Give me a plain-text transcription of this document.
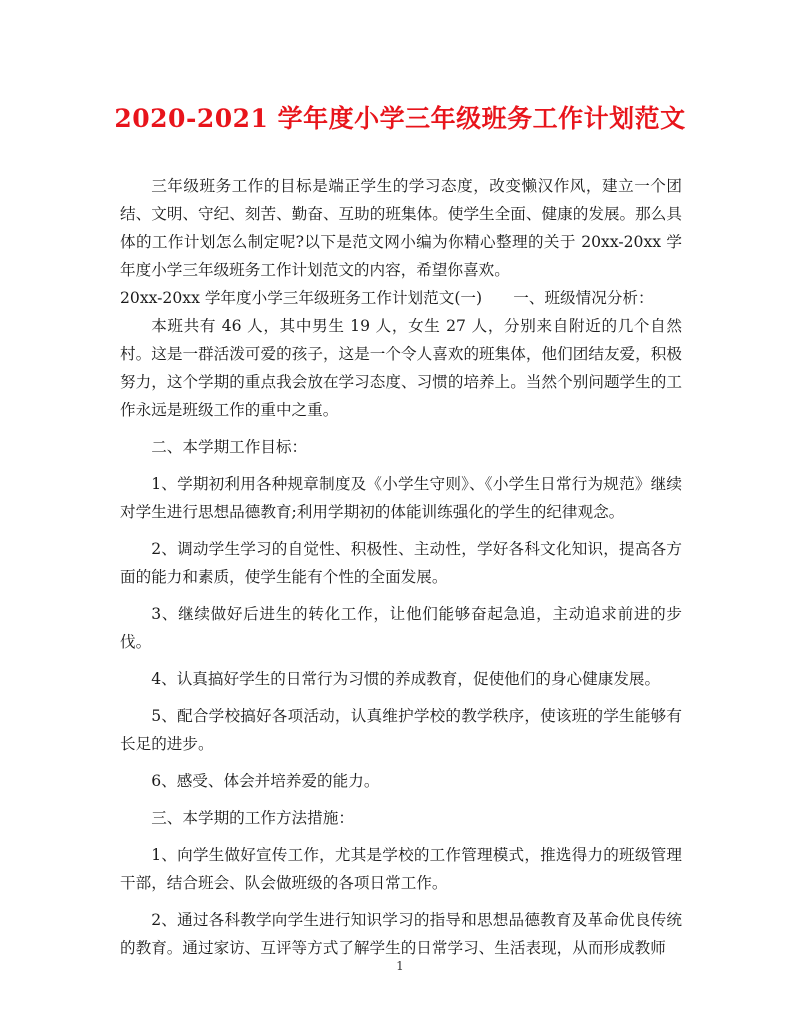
2020-2021 学年度小学三年级班务工作计划范文

三年级班务工作的目标是端正学生的学习态度，改变懒汉作风，建立一个团结、文明、守纪、刻苦、勤奋、互助的班集体。使学生全面、健康的发展。那么具体的工作计划怎么制定呢?以下是范文网小编为你精心整理的关于 20xx-20xx 学年度小学三年级班务工作计划范文的内容，希望你喜欢。

20xx-20xx 学年度小学三年级班务工作计划范文(一)　　一、班级情况分析：

本班共有 46 人，其中男生 19 人，女生 27 人，分别来自附近的几个自然村。这是一群活泼可爱的孩子，这是一个令人喜欢的班集体，他们团结友爱，积极努力，这个学期的重点我会放在学习态度、习惯的培养上。当然个别问题学生的工作永远是班级工作的重中之重。

二、本学期工作目标：

1、学期初利用各种规章制度及《小学生守则》、《小学生日常行为规范》继续对学生进行思想品德教育;利用学期初的体能训练强化的学生的纪律观念。

2、调动学生学习的自觉性、积极性、主动性，学好各科文化知识，提高各方面的能力和素质，使学生能有个性的全面发展。

3、继续做好后进生的转化工作，让他们能够奋起急追，主动追求前进的步伐。

4、认真搞好学生的日常行为习惯的养成教育，促使他们的身心健康发展。

5、配合学校搞好各项活动，认真维护学校的教学秩序，使该班的学生能够有长足的进步。

6、感受、体会并培养爱的能力。

三、本学期的工作方法措施：

1、向学生做好宣传工作，尤其是学校的工作管理模式，推选得力的班级管理干部，结合班会、队会做班级的各项日常工作。

2、通过各科教学向学生进行知识学习的指导和思想品德教育及革命优良传统的教育。通过家访、互评等方式了解学生的日常学习、生活表现，从而形成教师

1
